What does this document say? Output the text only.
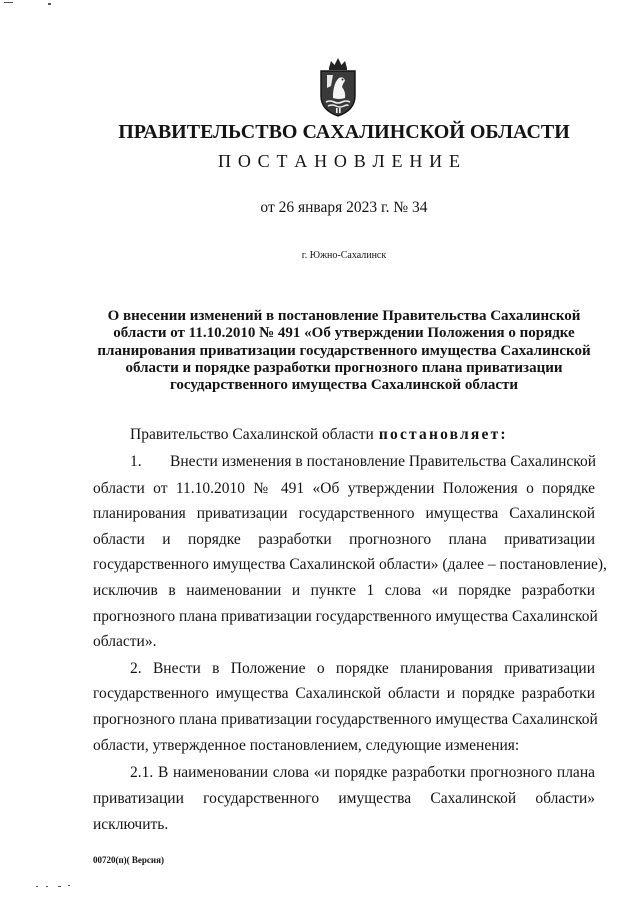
ПРАВИТЕЛЬСТВО САХАЛИНСКОЙ ОБЛАСТИ
П О С Т А Н О В Л Е Н И Е
от 26 января 2023 г. № 34
г. Южно-Сахалинск
О внесении изменений в постановление Правительства Сахалинской
области от 11.10.2010 № 491 «Об утверждении Положения о порядке
планирования приватизации государственного имущества Сахалинской
области и порядке разработки прогнозного плана приватизации
государственного имущества Сахалинской области
Правительство Сахалинской области постановляет:
1. Внести изменения в постановление Правительства Сахалинской
области от 11.10.2010 № 491 «Об утверждении Положения о порядке
планирования приватизации государственного имущества Сахалинской
области и порядке разработки прогнозного плана приватизации
государственного имущества Сахалинской области» (далее – постановление),
исключив в наименовании и пункте 1 слова «и порядке разработки
прогнозного плана приватизации государственного имущества Сахалинской
области».
2. Внести в Положение о порядке планирования приватизации
государственного имущества Сахалинской области и порядке разработки
прогнозного плана приватизации государственного имущества Сахалинской
области, утвержденное постановлением, следующие изменения:
2.1. В наименовании слова «и порядке разработки прогнозного плана
приватизации государственного имущества Сахалинской области»
исключить.
00720(п)( Версия)
